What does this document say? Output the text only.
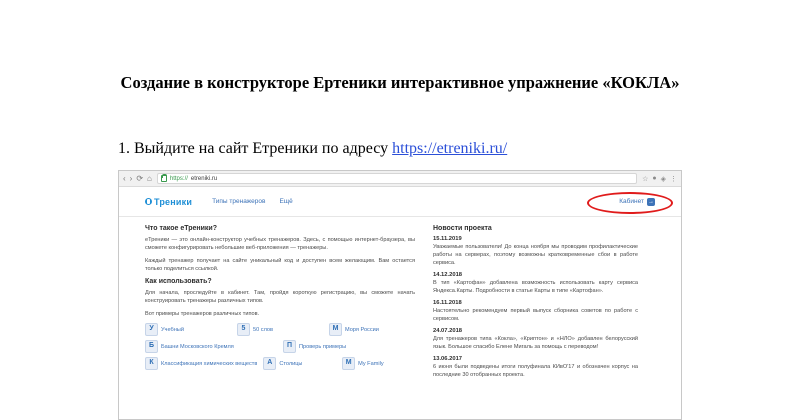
Создание в конструкторе Ертеники интерактивное упражнение «КОКЛА»
1. Выйдите на сайт Етреники по адресу https://etreniki.ru/
‹ › ⟳ ⌂	https:// etreniki.ru	☆ ● ◈ ⋮
Треники	Типы тренажеров Ещё	Кабинет →
Что такое еТреники?
еТреники — это онлайн-конструктор учебных тренажеров. Здесь, с помощью интернет-браузера, вы сможете конфигурировать небольшие веб-приложения — тренажеры.
Каждый тренажер получает на сайте уникальный код и доступен всем желающим. Вам остается только поделиться ссылкой.
Как использовать?
Для начала, проследуйте в кабинет. Там, пройдя короткую регистрацию, вы сможете начать конструировать тренажеры различных типов.
Вот примеры тренажеров различных типов.
У	Учебный	5	50 слов	М	Моря России
Б	Башни Московского Кремля	П	Проверь примеры
К	Классификация химических веществ	A	Столицы	M	My Family
Новости проекта
15.11.2019
Уважаемые пользователи! До конца ноября мы проводим профилактические работы на серверах, поэтому возможны кратковременные сбои в работе сервиса.
14.12.2018
В тип «Картофан» добавлена возможность использовать карту сервиса Яндекса.Карты. Подробности в статье Карты в типе «Картофан».
16.11.2018
Настоятельно рекомендуем первый выпуск сборника советов по работе с сервисом.
24.07.2018
Для тренажеров типа «Кокла», «Криптон» и «НЛО» добавлен белорусский язык. Большое спасибо Елене Мигаль за помощь с переводом!
13.06.2017
6 июня были подведены итоги полуфинала КИвО'17 и обозначен корпус на последние 30 отобранных проекта.
